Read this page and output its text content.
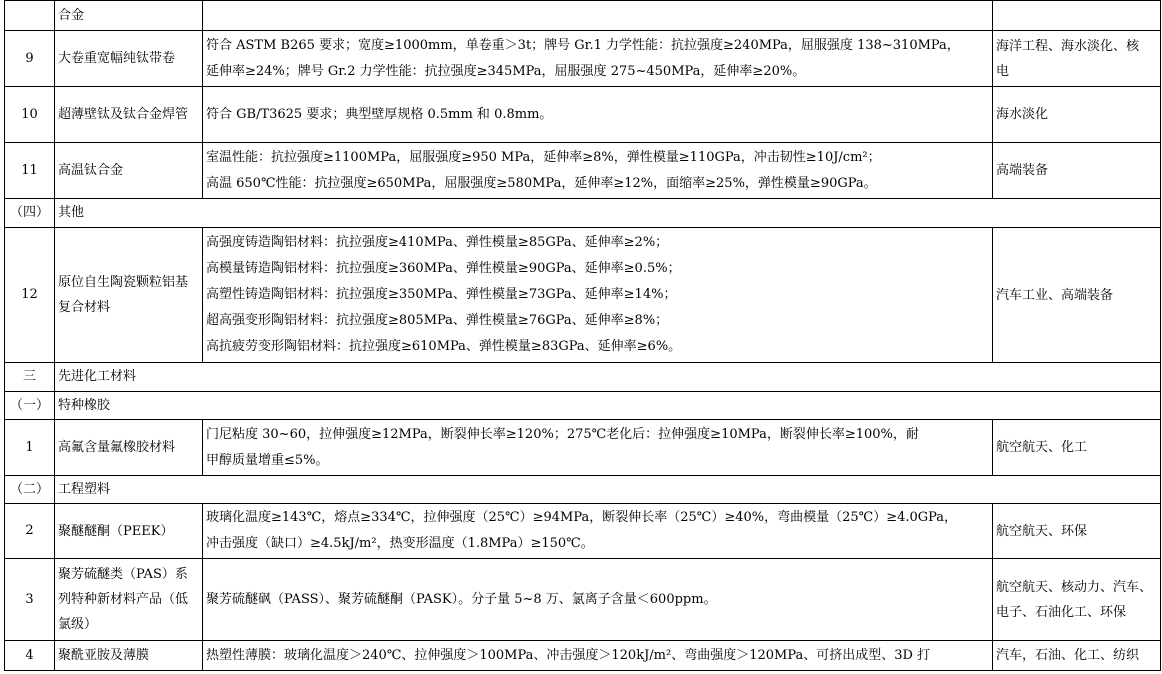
	合金		
9	大卷重宽幅纯钛带卷	符合 ASTM B265 要求；宽度≥1000mm，单卷重＞3t；牌号 Gr.1 力学性能：抗拉强度≥240MPa，屈服强度 138~310MPa，
延伸率≥24%；牌号 Gr.2 力学性能：抗拉强度≥345MPa，屈服强度 275~450MPa，延伸率≥20%。	海洋工程、海水淡化、核
电

10	超薄壁钛及钛合金焊管	符合 GB/T3625 要求；典型壁厚规格 0.5mm 和 0.8mm。	海水淡化

11	高温钛合金	室温性能：抗拉强度≥1100MPa，屈服强度≥950 MPa，延伸率≥8%，弹性模量≥110GPa，冲击韧性≥10J/cm²；
高温 650℃性能：抗拉强度≥650MPa，屈服强度≥580MPa，延伸率≥12%，面缩率≥25%，弹性模量≥90GPa。	高端装备

（四）	其他		
12	原位自生陶瓷颗粒铝基复合材料	高强度铸造陶铝材料：抗拉强度≥410MPa、弹性模量≥85GPa、延伸率≥2%；
高模量铸造陶铝材料：抗拉强度≥360MPa、弹性模量≥90GPa、延伸率≥0.5%；
高塑性铸造陶铝材料：抗拉强度≥350MPa、弹性模量≥73GPa、延伸率≥14%；
超高强变形陶铝材料：抗拉强度≥805MPa、弹性模量≥76GPa、延伸率≥8%；
高抗疲劳变形陶铝材料：抗拉强度≥610MPa、弹性模量≥83GPa、延伸率≥6%。	汽车工业、高端装备

三	先进化工材料		
（一）	特种橡胶		
1	高氟含量氟橡胶材料	门尼粘度 30~60，拉伸强度≥12MPa，断裂伸长率≥120%；275℃老化后：拉伸强度≥10MPa，断裂伸长率≥100%，耐
甲醇质量增重≤5%。	航空航天、化工

（二）	工程塑料		
2	聚醚醚酮（PEEK）	玻璃化温度≥143℃，熔点≥334℃，拉伸强度（25℃）≥94MPa，断裂伸长率（25℃）≥40%，弯曲模量（25℃）≥4.0GPa，
冲击强度（缺口）≥4.5kJ/m²，热变形温度（1.8MPa）≥150℃。	航空航天、环保

3	聚芳硫醚类（PAS）系列特种新材料产品（低氯级）	聚芳硫醚砜（PASS）、聚芳硫醚酮（PASK）。分子量 5~8 万、氯离子含量＜600ppm。	航空航天、核动力、汽车、
电子、石油化工、环保

4	聚酰亚胺及薄膜	热塑性薄膜：玻璃化温度＞240℃、拉伸强度＞100MPa、冲击强度＞120kJ/m²、弯曲强度＞120MPa、可挤出成型、3D 打	汽车，石油、化工、纺织
